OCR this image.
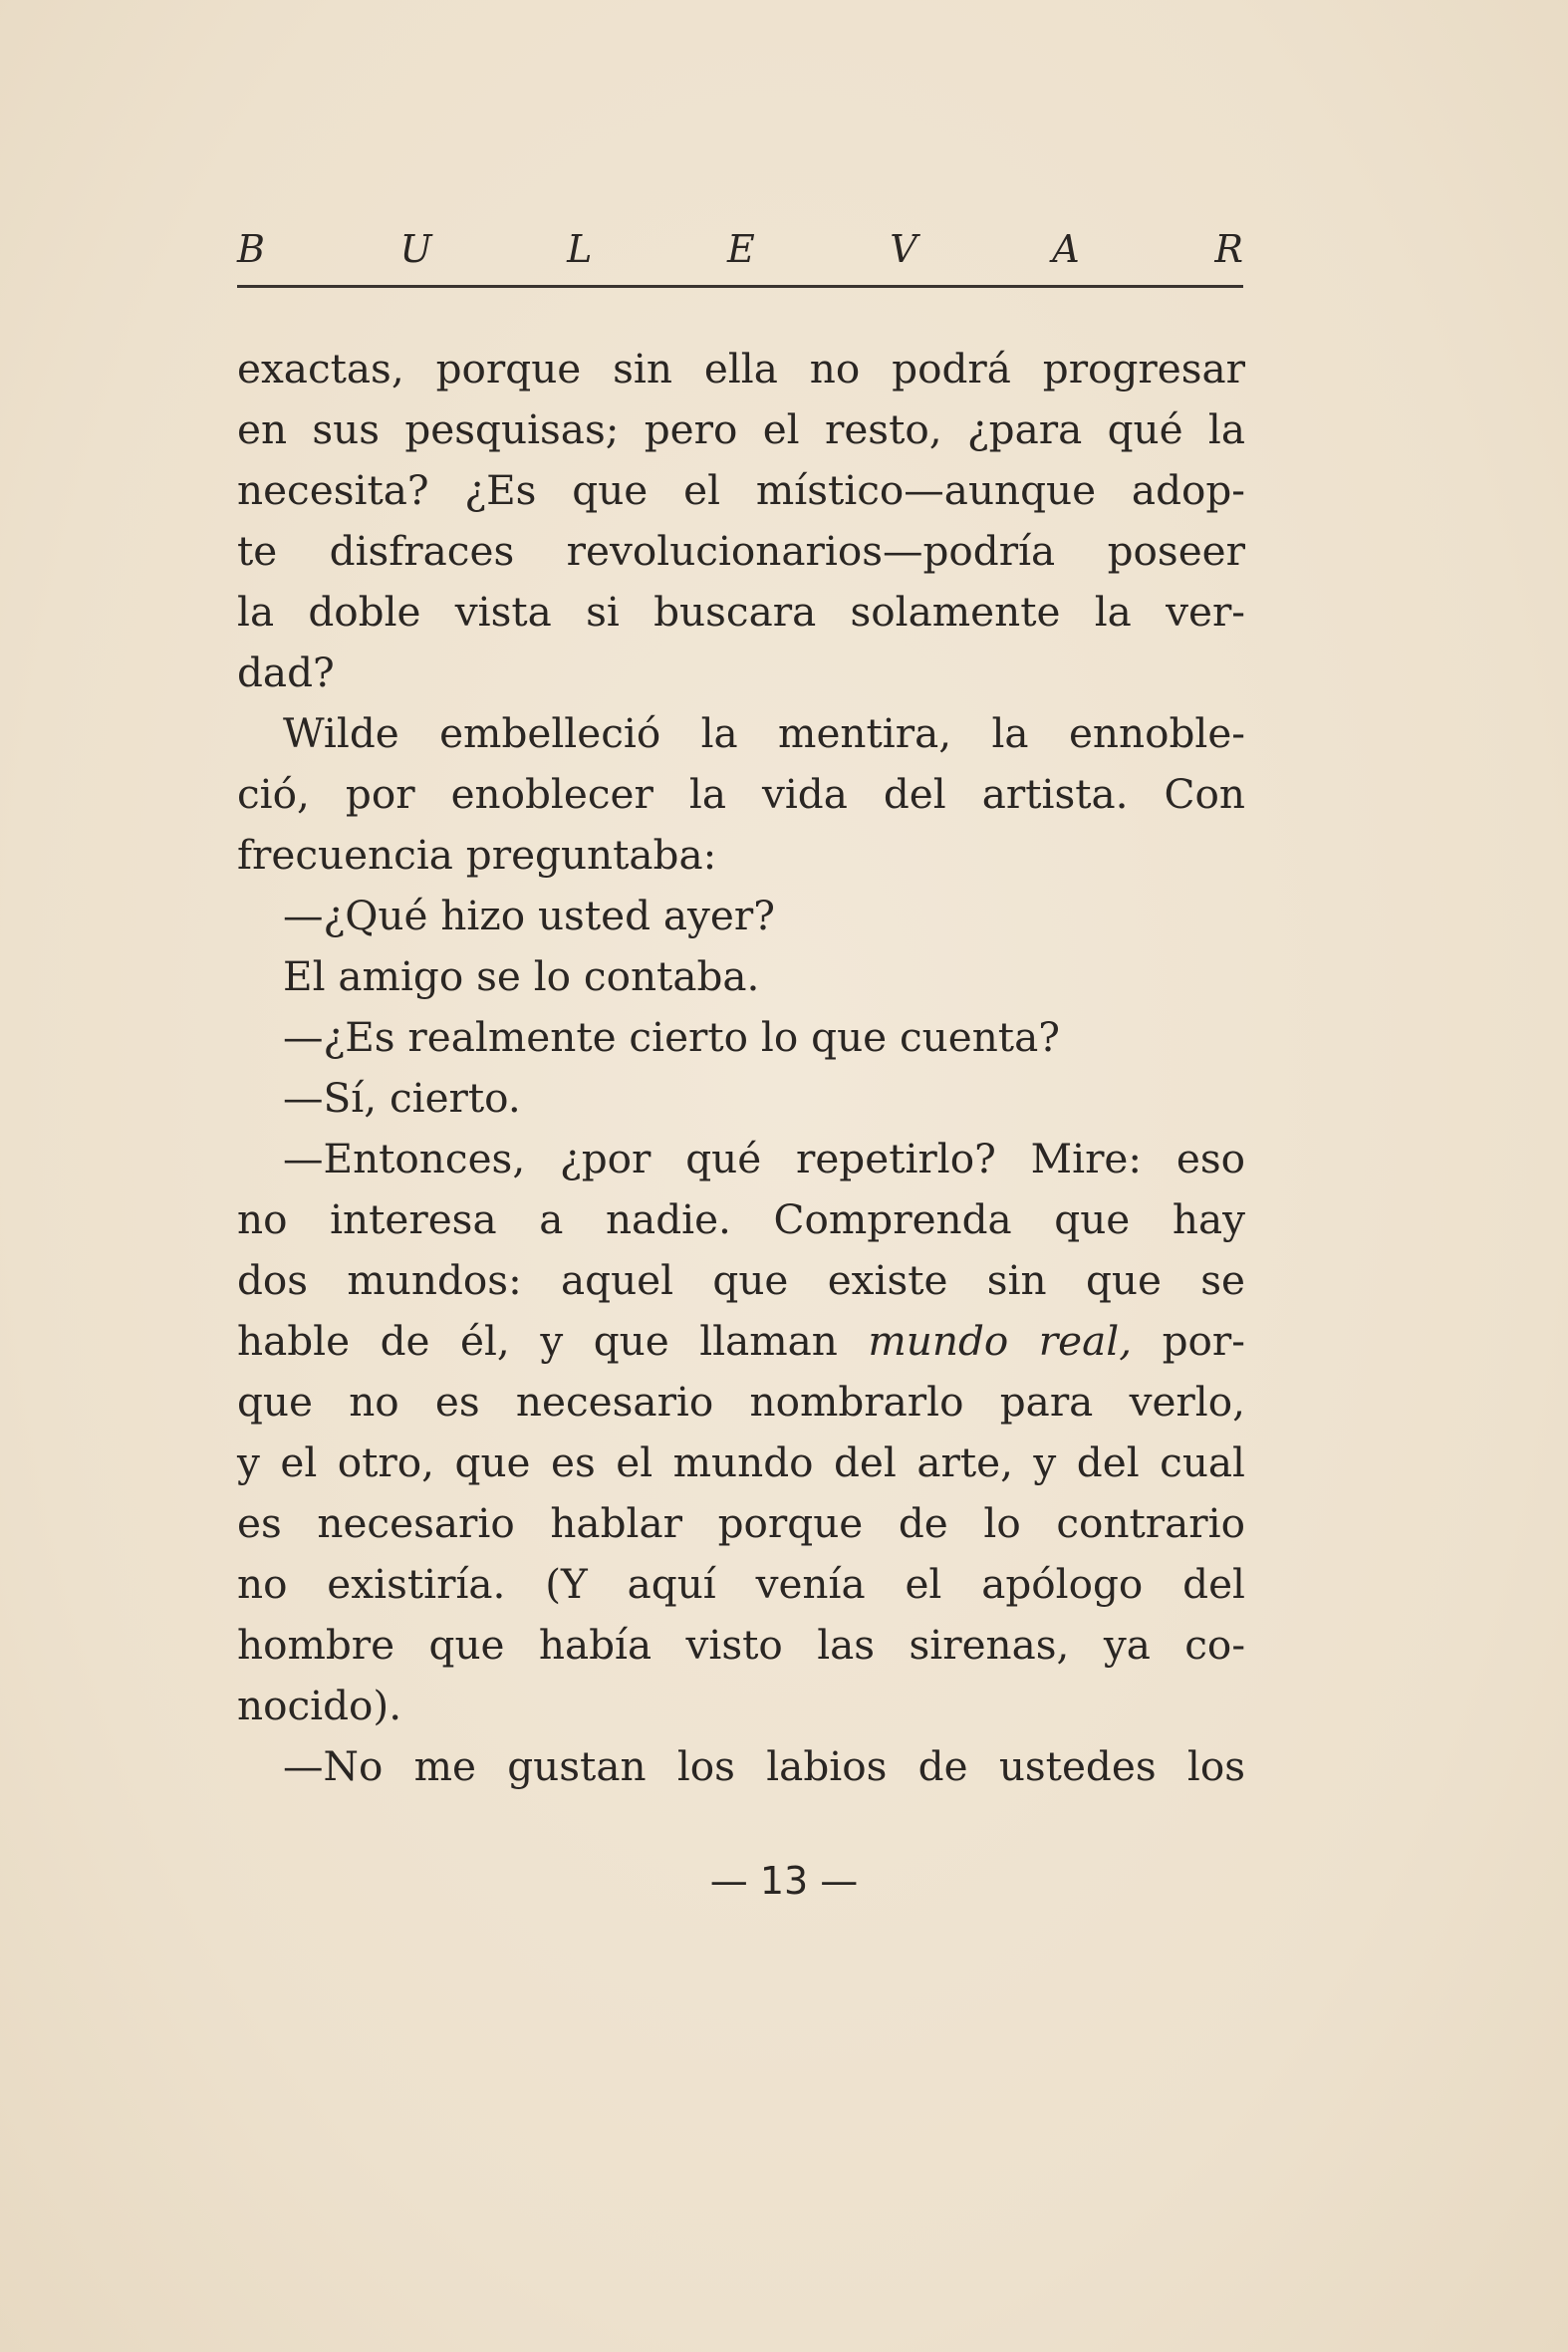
B	U	L	E	V	A	R
exactas, porque sin ella no podrá progresar
en sus pesquisas; pero el resto, ¿para qué la
necesita? ¿Es que el místico—aunque adop-
te disfraces revolucionarios—podría poseer
la doble vista si buscara solamente la ver-
dad?
Wilde embelleció la mentira, la ennoble-
ció, por enoblecer la vida del artista. Con
frecuencia preguntaba:
—¿Qué hizo usted ayer?
El amigo se lo contaba.
—¿Es realmente cierto lo que cuenta?
—Sí, cierto.
—Entonces, ¿por qué repetirlo? Mire: eso
no interesa a nadie. Comprenda que hay
dos mundos: aquel que existe sin que se
hable de él, y que llaman mundo real, por-
que no es necesario nombrarlo para verlo,
y el otro, que es el mundo del arte, y del cual
es necesario hablar porque de lo contrario
no existiría. (Y aquí venía el apólogo del
hombre que había visto las sirenas, ya co-
nocido).
—No me gustan los labios de ustedes los
— 13 —
